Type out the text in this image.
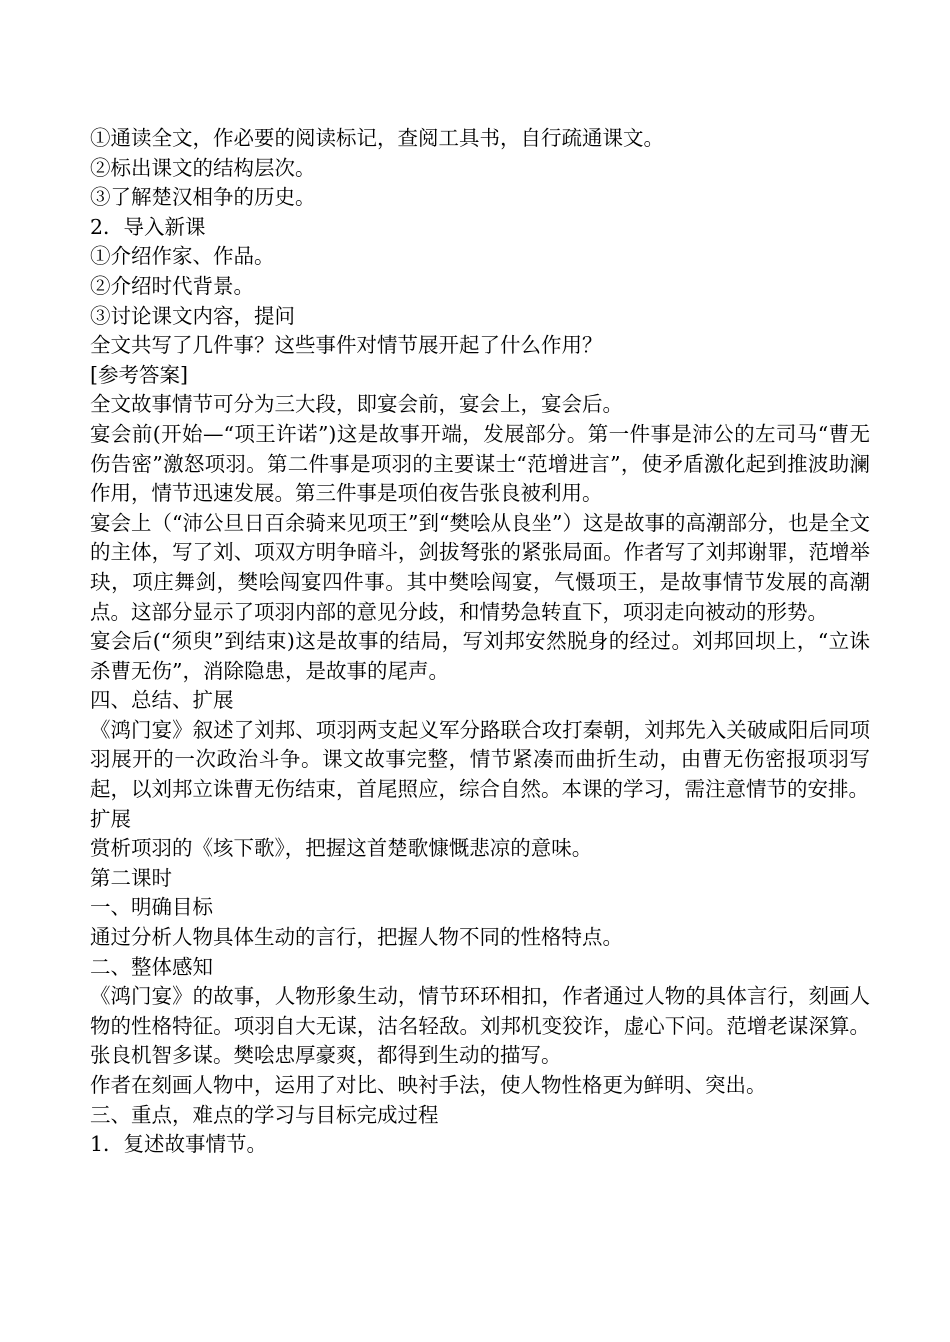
①通读全文，作必要的阅读标记，查阅工具书，自行疏通课文。

②标出课文的结构层次。

③了解楚汉相争的历史。

2．导入新课

①介绍作家、作品。

②介绍时代背景。

③讨论课文内容，提问

全文共写了几件事？这些事件对情节展开起了什么作用？

[参考答案]

全文故事情节可分为三大段，即宴会前，宴会上，宴会后。

宴会前(开始—“项王许诺”)这是故事开端，发展部分。第一件事是沛公的左司马“曹无伤告密”激怒项羽。第二件事是项羽的主要谋士“范增进言”，使矛盾激化起到推波助澜作用，情节迅速发展。第三件事是项伯夜告张良被利用。

宴会上（“沛公旦日百余骑来见项王”到“樊哙从良坐”）这是故事的高潮部分，也是全文的主体，写了刘、项双方明争暗斗，剑拔弩张的紧张局面。作者写了刘邦谢罪，范增举玦，项庄舞剑，樊哙闯宴四件事。其中樊哙闯宴，气慑项王，是故事情节发展的高潮点。这部分显示了项羽内部的意见分歧，和情势急转直下，项羽走向被动的形势。

宴会后(“须臾”到结束)这是故事的结局，写刘邦安然脱身的经过。刘邦回坝上，“立诛杀曹无伤”，消除隐患，是故事的尾声。

四、总结、扩展

《鸿门宴》叙述了刘邦、项羽两支起义军分路联合攻打秦朝，刘邦先入关破咸阳后同项羽展开的一次政治斗争。课文故事完整，情节紧凑而曲折生动，由曹无伤密报项羽写起，以刘邦立诛曹无伤结束，首尾照应，综合自然。本课的学习，需注意情节的安排。

扩展

赏析项羽的《垓下歌》，把握这首楚歌慷慨悲凉的意味。

第二课时

一、明确目标

通过分析人物具体生动的言行，把握人物不同的性格特点。

二、整体感知

《鸿门宴》的故事，人物形象生动，情节环环相扣，作者通过人物的具体言行，刻画人物的性格特征。项羽自大无谋，沽名轻敌。刘邦机变狡诈，虚心下问。范增老谋深算。张良机智多谋。樊哙忠厚豪爽，都得到生动的描写。

作者在刻画人物中，运用了对比、映衬手法，使人物性格更为鲜明、突出。

三、重点，难点的学习与目标完成过程

1．复述故事情节。
